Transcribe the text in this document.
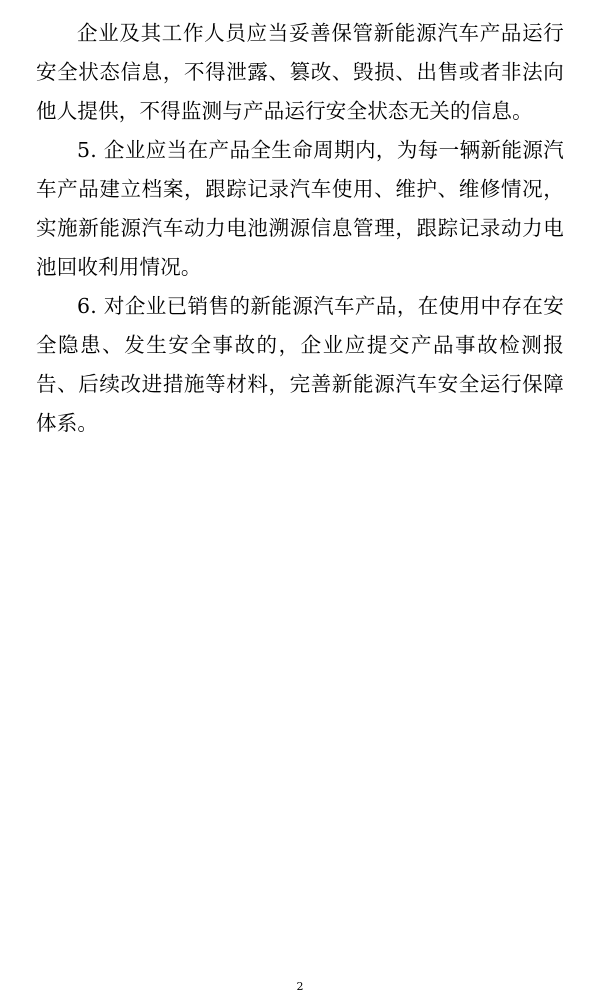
企业及其工作人员应当妥善保管新能源汽车产品运行安全状态信息，不得泄露、篡改、毁损、出售或者非法向他人提供，不得监测与产品运行安全状态无关的信息。

5. 企业应当在产品全生命周期内，为每一辆新能源汽车产品建立档案，跟踪记录汽车使用、维护、维修情况，实施新能源汽车动力电池溯源信息管理，跟踪记录动力电池回收利用情况。

6. 对企业已销售的新能源汽车产品，在使用中存在安全隐患、发生安全事故的，企业应提交产品事故检测报告、后续改进措施等材料，完善新能源汽车安全运行保障体系。

2
